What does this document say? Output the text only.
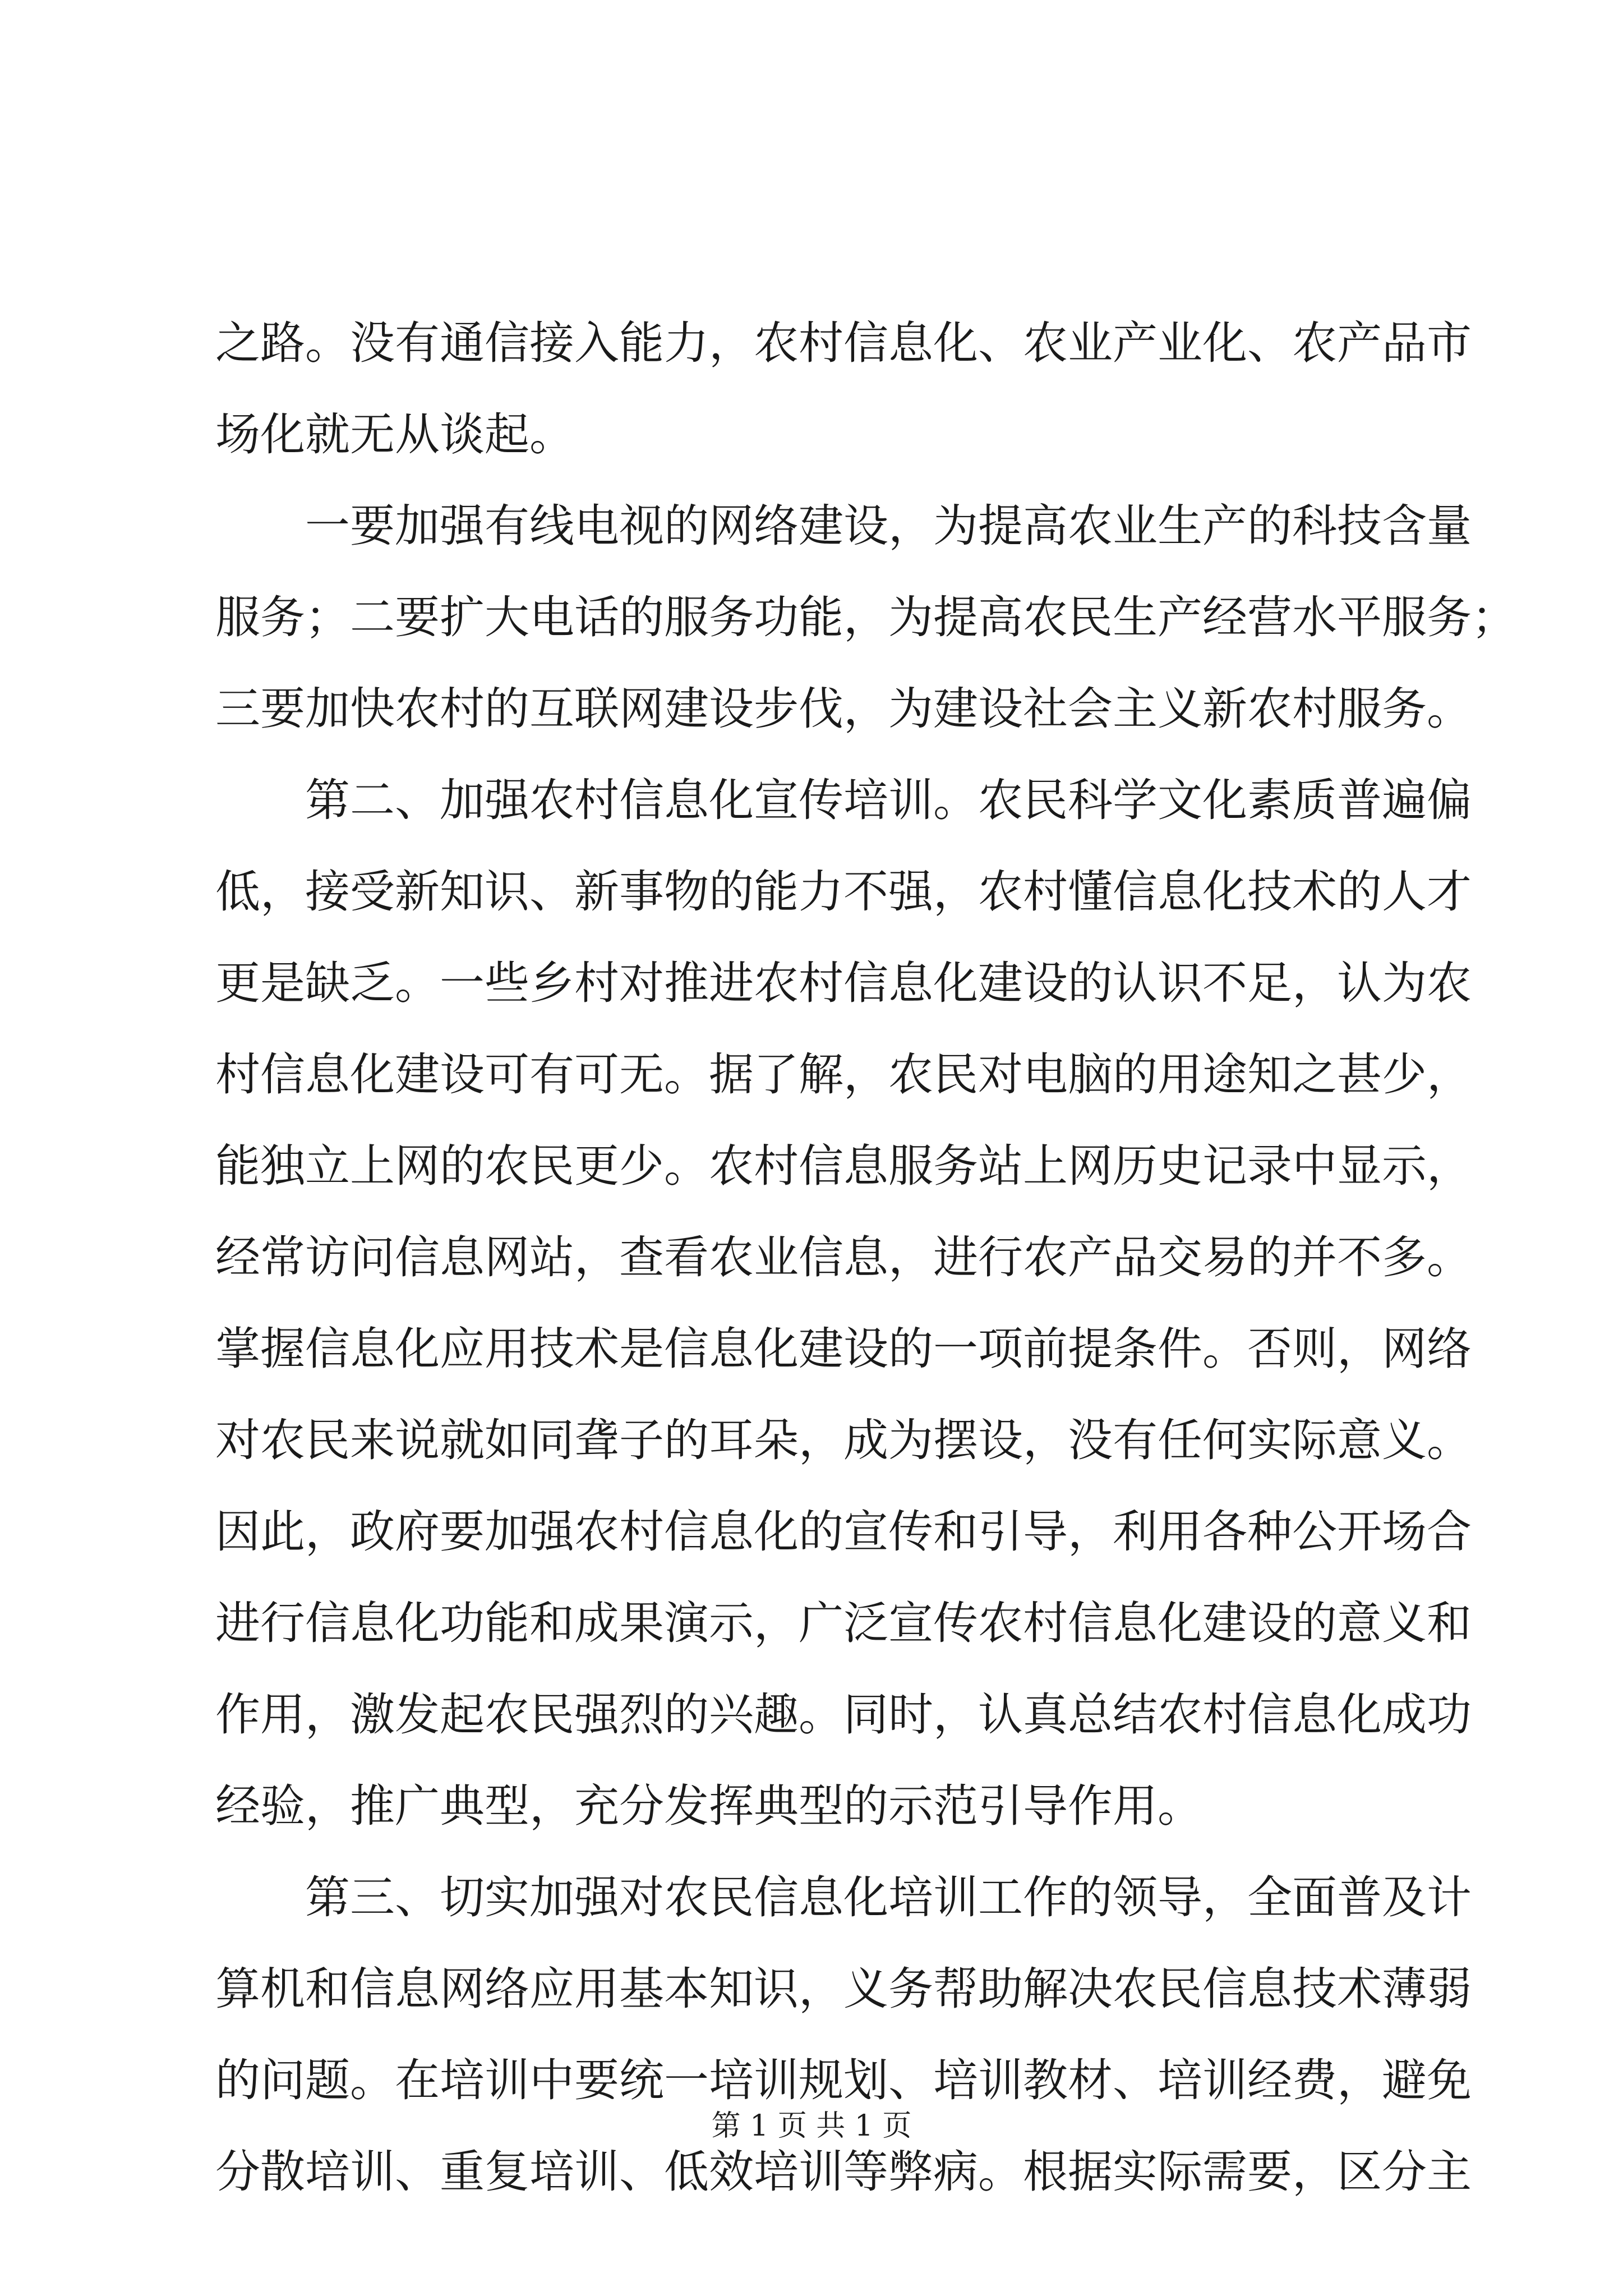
之路。没有通信接入能力，农村信息化、农业产业化、农产品市
场化就无从谈起。
一要加强有线电视的网络建设，为提高农业生产的科技含量
服务；二要扩大电话的服务功能，为提高农民生产经营水平服务；
三要加快农村的互联网建设步伐，为建设社会主义新农村服务。
第二、加强农村信息化宣传培训。农民科学文化素质普遍偏
低，接受新知识、新事物的能力不强，农村懂信息化技术的人才
更是缺乏。一些乡村对推进农村信息化建设的认识不足，认为农
村信息化建设可有可无。据了解，农民对电脑的用途知之甚少，
能独立上网的农民更少。农村信息服务站上网历史记录中显示，
经常访问信息网站，查看农业信息，进行农产品交易的并不多。
掌握信息化应用技术是信息化建设的一项前提条件。否则，网络
对农民来说就如同聋子的耳朵，成为摆设，没有任何实际意义。
因此，政府要加强农村信息化的宣传和引导，利用各种公开场合
进行信息化功能和成果演示，广泛宣传农村信息化建设的意义和
作用，激发起农民强烈的兴趣。同时，认真总结农村信息化成功
经验，推广典型，充分发挥典型的示范引导作用。
第三、切实加强对农民信息化培训工作的领导，全面普及计
算机和信息网络应用基本知识，义务帮助解决农民信息技术薄弱
的问题。在培训中要统一培训规划、培训教材、培训经费，避免
分散培训、重复培训、低效培训等弊病。根据实际需要，区分主
第 1 页 共 1 页
